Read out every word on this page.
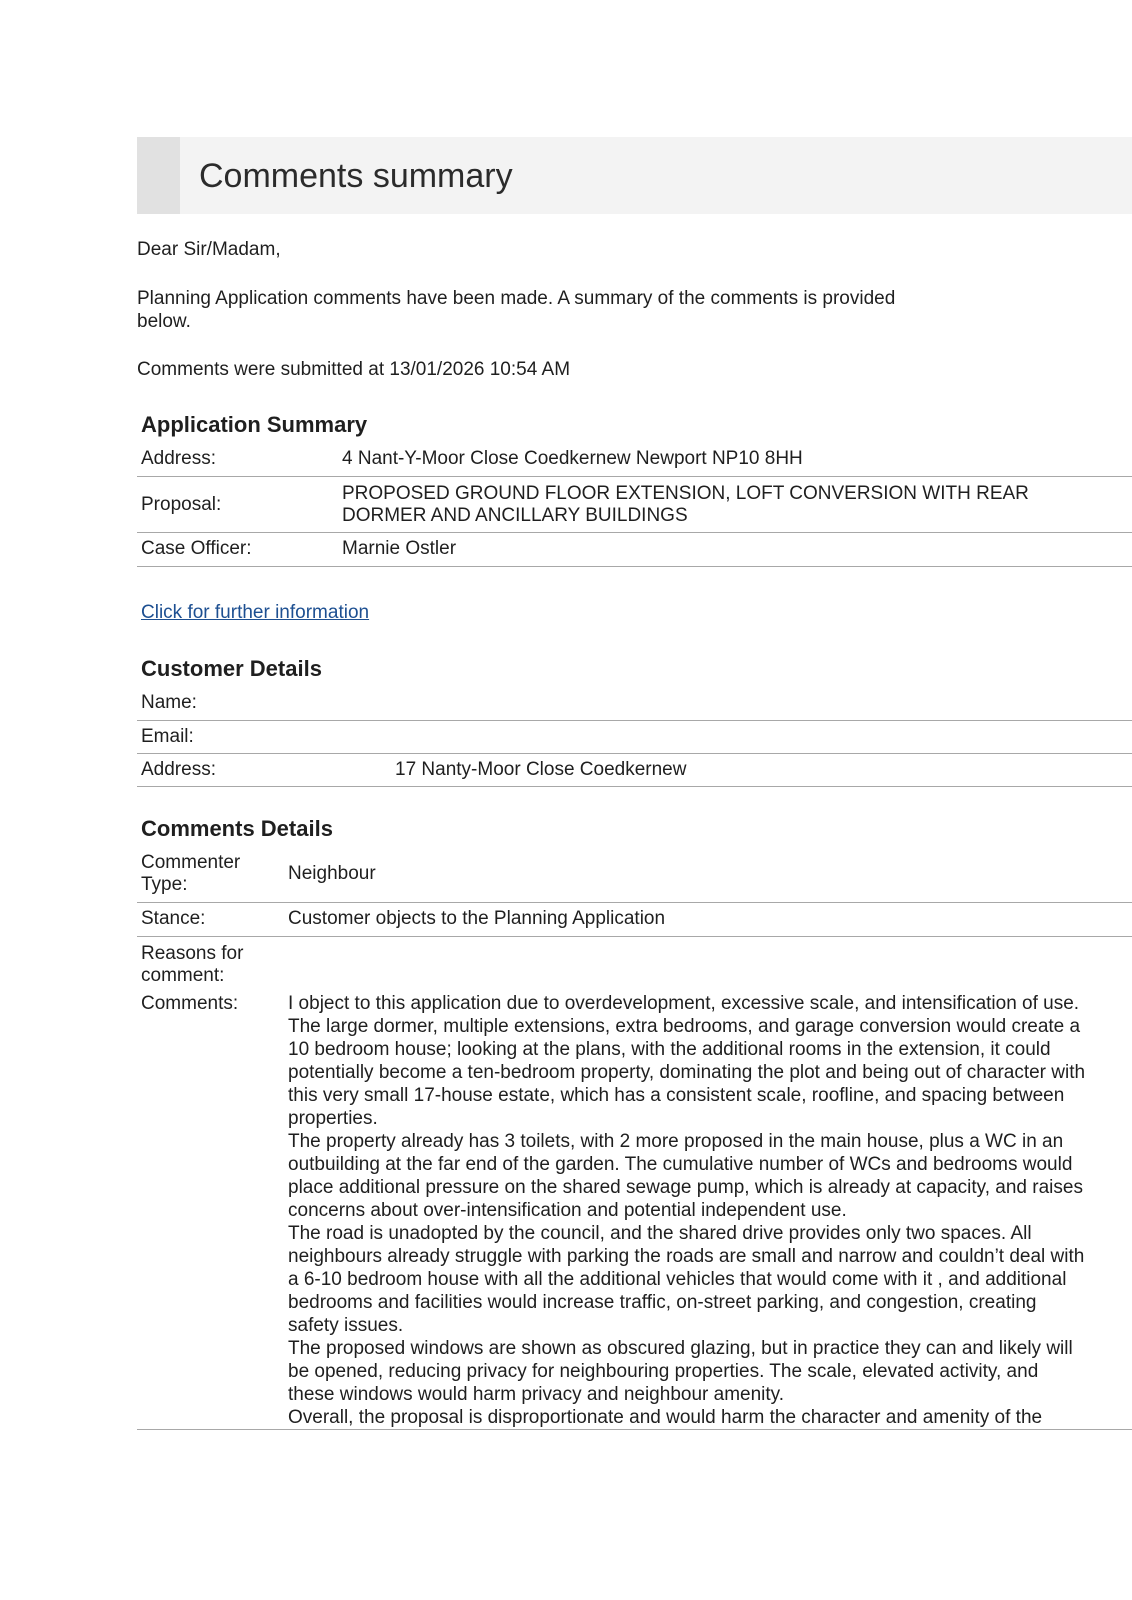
Comments summary
Dear Sir/Madam,
Planning Application comments have been made. A summary of the comments is provided
below.
Comments were submitted at 13/01/2026 10:54 AM
Application Summary
Address:	4 Nant-Y-Moor Close Coedkernew Newport NP10 8HH
Proposal:
PROPOSED GROUND FLOOR EXTENSION, LOFT CONVERSION WITH REAR
DORMER AND ANCILLARY BUILDINGS
Case Officer:	Marnie Ostler
Click for further information
Customer Details
Name:
Email:
Address:	17 Nanty-Moor Close Coedkernew
Comments Details
Commenter
Type:
Neighbour
Stance:	Customer objects to the Planning Application
Reasons for
comment:
Comments:	I object to this application due to overdevelopment, excessive scale, and intensification of use.
The large dormer, multiple extensions, extra bedrooms, and garage conversion would create a
10 bedroom house; looking at the plans, with the additional rooms in the extension, it could
potentially become a ten-bedroom property, dominating the plot and being out of character with
this very small 17-house estate, which has a consistent scale, roofline, and spacing between
properties.
The property already has 3 toilets, with 2 more proposed in the main house, plus a WC in an
outbuilding at the far end of the garden. The cumulative number of WCs and bedrooms would
place additional pressure on the shared sewage pump, which is already at capacity, and raises
concerns about over-intensification and potential independent use.
The road is unadopted by the council, and the shared drive provides only two spaces. All
neighbours already struggle with parking the roads are small and narrow and couldn’t deal with
a 6-10 bedroom house with all the additional vehicles that would come with it , and additional
bedrooms and facilities would increase traffic, on-street parking, and congestion, creating
safety issues.
The proposed windows are shown as obscured glazing, but in practice they can and likely will
be opened, reducing privacy for neighbouring properties. The scale, elevated activity, and
these windows would harm privacy and neighbour amenity.
Overall, the proposal is disproportionate and would harm the character and amenity of the
